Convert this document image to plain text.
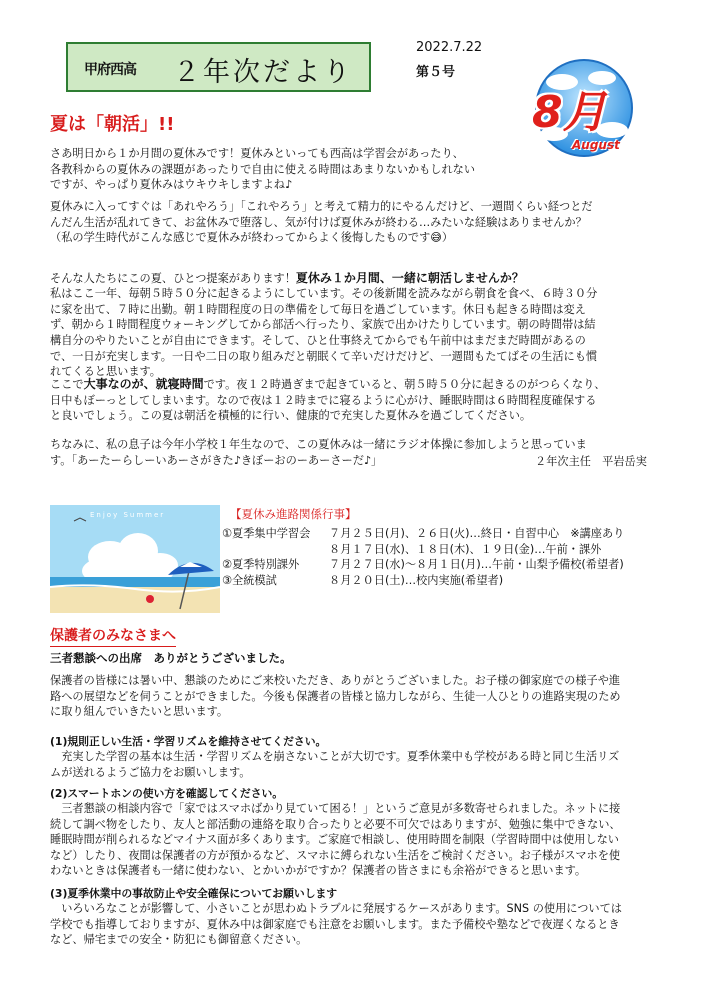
甲府西高 ２年次だより
2022.7.22
第５号
8月
August
夏は「朝活」!!
さあ明日から１か月間の夏休みです！夏休みといっても西高は学習会があったり、
各教科からの夏休みの課題があったりで自由に使える時間はあまりないかもしれない
ですが、やっぱり夏休みはウキウキしますよね♪
夏休みに入ってすぐは「あれやろう」「これやろう」と考えて精力的にやるんだけど、一週間くらい経つとだ
んだん生活が乱れてきて、お盆休みで堕落し、気が付けば夏休みが終わる…みたいな経験はありませんか？
（私の学生時代がこんな感じで夏休みが終わってからよく後悔したものです😅）

そんな人たちにこの夏、ひとつ提案があります！夏休み１か月間、一緒に朝活しませんか？

私はここ一年、毎朝５時５０分に起きるようにしています。その後新聞を読みながら朝食を食べ、６時３０分
に家を出て、７時に出勤。朝１時間程度の日の準備をして毎日を過ごしています。休日も起きる時間は変え
ず、朝から１時間程度ウォーキングしてから部活へ行ったり、家族で出かけたりしています。朝の時間帯は結
構自分のやりたいことが自由にできます。そして、ひと仕事終えてからでも午前中はまだまだ時間があるの
で、一日が充実します。一日や二日の取り組みだと朝眠くて辛いだけだけど、一週間もたてばその生活にも慣
れてくると思います。

ここで大事なのが、就寝時間です。夜１２時過ぎまで起きていると、朝５時５０分に起きるのがつらくなり、
日中もぼーっとしてしまいます。なので夜は１２時までに寝るように心がけ、睡眠時間は６時間程度確保する
と良いでしょう。この夏は朝活を積極的に行い、健康的で充実した夏休みを過ごしてください。
ちなみに、私の息子は今年小学校１年生なので、この夏休みは一緒にラジオ体操に参加しようと思っていま
す。「あーたーらしーいあーさがきた♪きぼーおのーあーさーだ♪」	２年次主任　平岩岳実
Enjoy Summer	【夏休み進路関係行事】
①夏季集中学習会 ７月２５日(月)、２６日(火)…終日・自習中心　※講座あり
８月１７日(水)、１８日(木)、１９日(金)…午前・課外
②夏季特別課外	７月２７日(水)〜８月１日(月)…午前・山梨予備校(希望者)
③全統模試	８月２０日(土)…校内実施(希望者)
保護者のみなさまへ
三者懇談への出席　ありがとうございました。
保護者の皆様には暑い中、懇談のためにご来校いただき、ありがとうございました。お子様の御家庭での様子や進
路への展望などを伺うことができました。今後も保護者の皆様と協力しながら、生徒一人ひとりの進路実現のため
に取り組んでいきたいと思います。
(1)規則正しい生活・学習リズムを維持させてください。
　充実した学習の基本は生活・学習リズムを崩さないことが大切です。夏季休業中も学校がある時と同じ生活リズ
ムが送れるようご協力をお願いします。
(2)スマートホンの使い方を確認してください。
　三者懇談の相談内容で「家ではスマホばかり見ていて困る！」というご意見が多数寄せられました。ネットに接
続して調べ物をしたり、友人と部活動の連絡を取り合ったりと必要不可欠ではありますが、勉強に集中できない、
睡眠時間が削られるなどマイナス面が多くあります。ご家庭で相談し、使用時間を制限（学習時間中は使用しない
など）したり、夜間は保護者の方が預かるなど、スマホに縛られない生活をご検討ください。お子様がスマホを使
わないときは保護者も一緒に使わない、とかいかがですか？保護者の皆さまにも余裕ができると思います。
(3)夏季休業中の事故防止や安全確保についてお願いします
　いろいろなことが影響して、小さいことが思わぬトラブルに発展するケースがあります。SNS の使用については
学校でも指導しておりますが、夏休み中は御家庭でも注意をお願いします。また予備校や塾などで夜遅くなるとき
など、帰宅までの安全・防犯にも御留意ください。
